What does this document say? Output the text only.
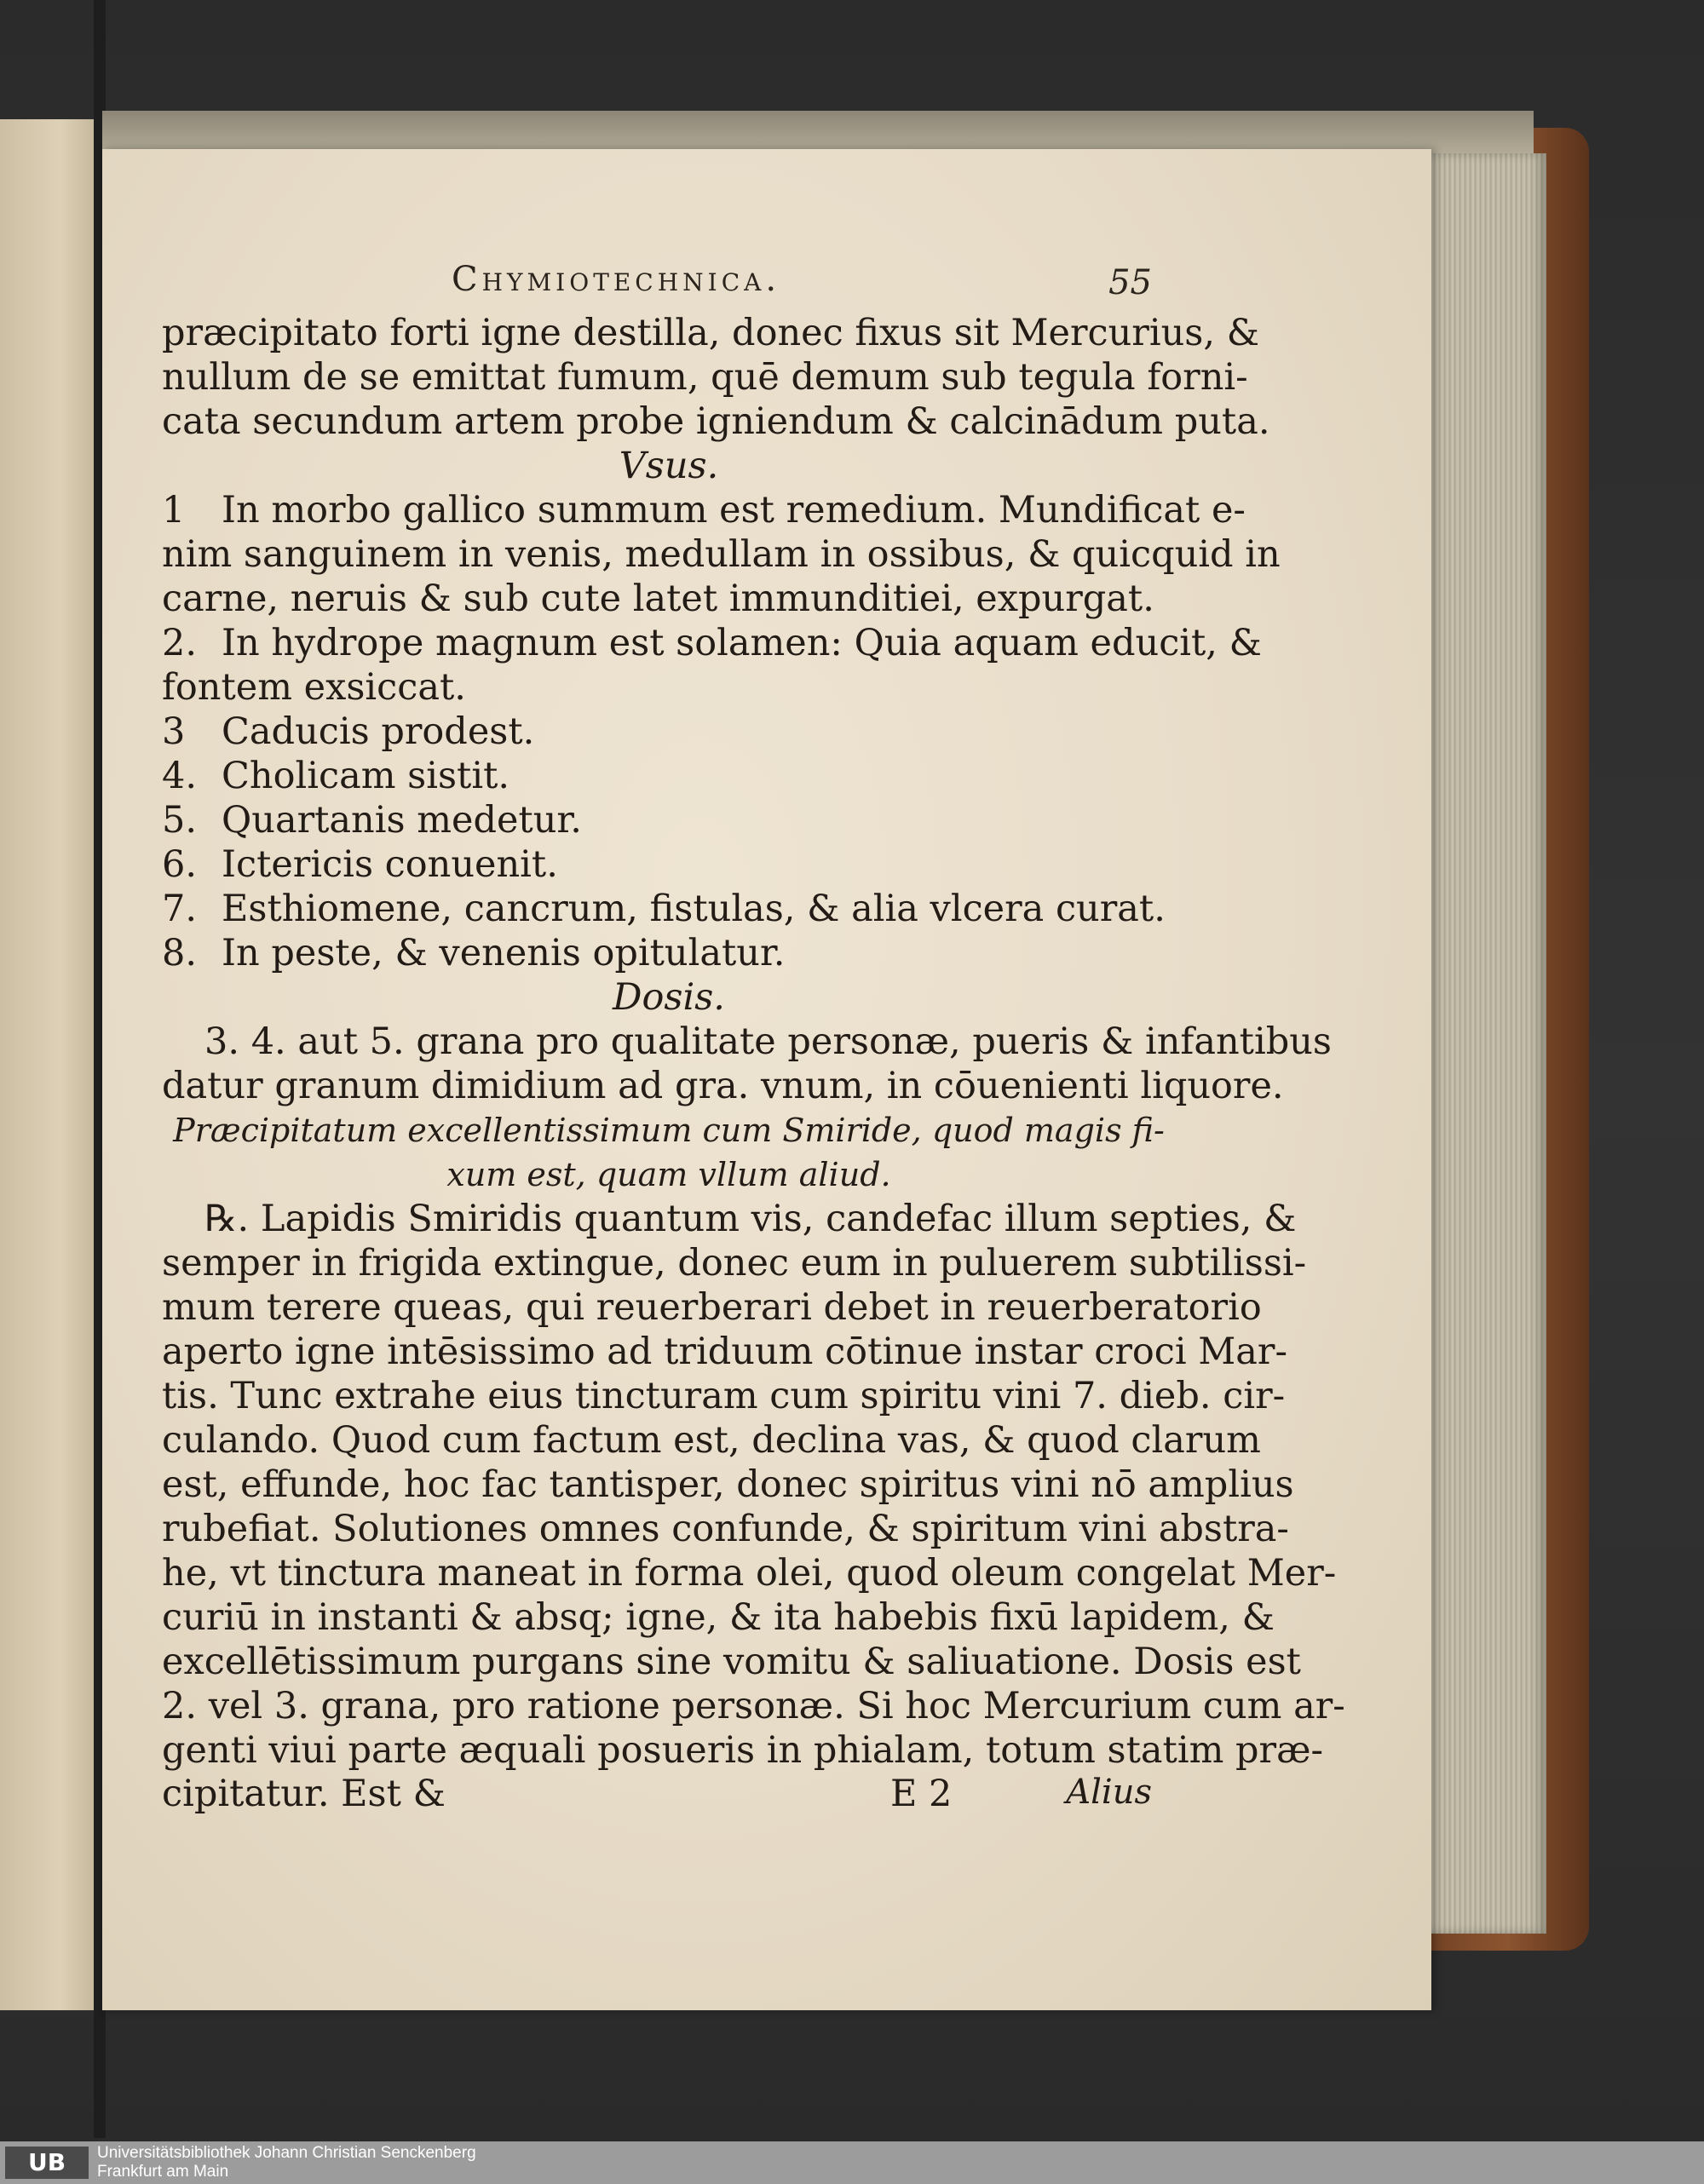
Chymiotechnica.	55
præcipitato forti igne destilla, donec fixus sit Mercurius, &
nullum de se emittat fumum, quē demum sub tegula forni-
cata secundum artem probe igniendum & calcinādum puta.
Vsus.
1 In morbo gallico summum est remedium. Mundificat e-
nim sanguinem in venis, medullam in ossibus, & quicquid in
carne, neruis & sub cute latet immunditiei, expurgat.
2. In hydrope magnum est solamen: Quia aquam educit, &
fontem exsiccat.
3 Caducis prodest.
4. Cholicam sistit.
5. Quartanis medetur.
6. Ictericis conuenit.
7. Esthiomene, cancrum, fistulas, & alia vlcera curat.
8. In peste, & venenis opitulatur.
Dosis.
3. 4. aut 5. grana pro qualitate personæ, pueris & infantibus
datur granum dimidium ad gra. vnum, in cōuenienti liquore.
Præcipitatum excellentissimum cum Smiride, quod magis fi-
xum est, quam vllum aliud.
℞. Lapidis Smiridis quantum vis, candefac illum septies, &
semper in frigida extingue, donec eum in puluerem subtilissi-
mum terere queas, qui reuerberari debet in reuerberatorio
aperto igne intēsissimo ad triduum cōtinue instar croci Mar-
tis. Tunc extrahe eius tincturam cum spiritu vini 7. dieb. cir-
culando. Quod cum factum est, declina vas, & quod clarum
est, effunde, hoc fac tantisper, donec spiritus vini nō amplius
rubefiat. Solutiones omnes confunde, & spiritum vini abstra-
he, vt tinctura maneat in forma olei, quod oleum congelat Mer-
curiū in instanti & absq; igne, & ita habebis fixū lapidem, &
excellētissimum purgans sine vomitu & saliuatione. Dosis est
2. vel 3. grana, pro ratione personæ. Si hoc Mercurium cum ar-
genti viui parte æquali posueris in phialam, totum statim præ-
cipitatur. Est &	E 2	Alius
UB	Universitätsbibliothek Johann Christian Senckenberg
Frankfurt am Main
